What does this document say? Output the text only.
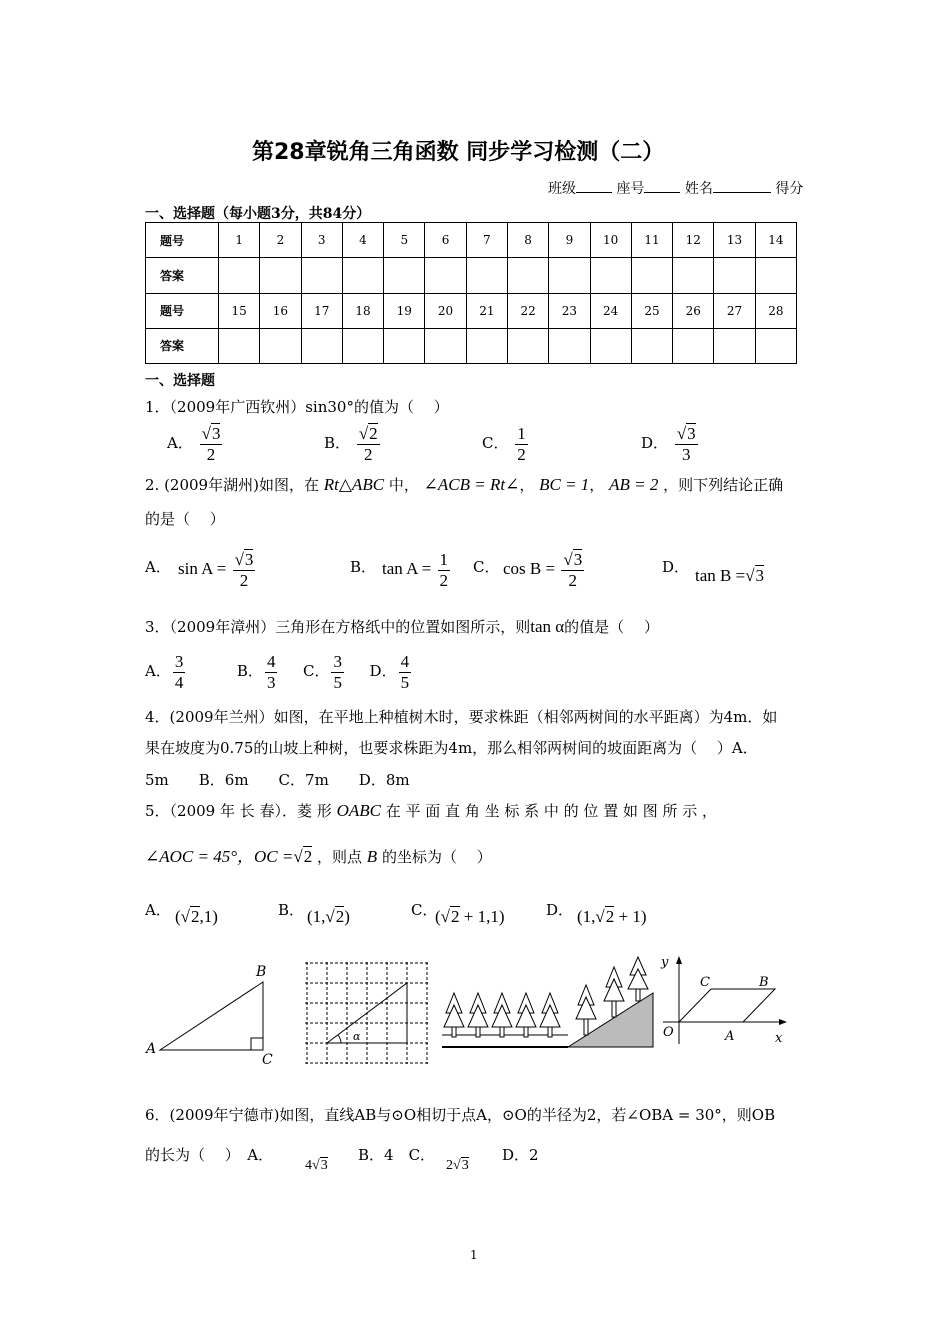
第28章锐角三角函数 同步学习检测（二）
班级	座号	姓名	得分
一、选择题（每小题3分，共84分）
题号	1	2	3	4	5	6	7	8	9	10	11	12	13	14
答案														
题号	15	16	17	18	19	20	21	22	23	24	25	26	27	28
答案														
一、选择题
1．（2009年广西钦州）sin30°的值为（　 ）
A． $\frac{√3}{2}$	B． $\frac{√2}{2}$	C． $\frac{1}{2}$	D． $\frac{√3}{3}$
2. (2009年湖州)如图，在 Rt△ABC 中， ∠ACB = Rt∠， BC = 1， AB = 2 ，则下列结论正确
的是（　 ）
A． $\sin A = \frac{√3}{2}$	B． $\tan A = \frac{1}{2}$ C． $\cos B = \frac{√3}{2}$	D． tan B =√3
3．（2009年漳州）三角形在方格纸中的位置如图所示，则tan α的值是（　 ）
A． $\frac{3}{4}$	B． $\frac{4}{3}$ C． $\frac{3}{5}$ D． $\frac{4}{5}$
4．(2009年兰州）如图，在平地上种植树木时，要求株距（相邻两树间的水平距离）为4m．如
果在坡度为0.75的山坡上种树，也要求株距为4m，那么相邻两树间的坡面距离为（　 ）A．
5m　　B．6m　　C．7m　　D．8m
5．（2009 年 长 春）．菱 形 OABC 在 平 面 直 角 坐 标 系 中 的 位 置 如 图 所 示 ，
∠AOC = 45°，OC =√2 ，则点 B 的坐标为（　 ）
A． (√2,1)	B． (1,√2)	C．
(√2 + 1,1)	D． (1,√2 + 1)
A
B
C
α
y
C	B
O	A	x
6．(2009年宁德市)如图，直线AB与⊙O相切于点A，⊙O的半径为2，若∠OBA = 30°，则OB
的长为（　 ）　A．
4√3
B．4　C．
2√3
D．2
1
